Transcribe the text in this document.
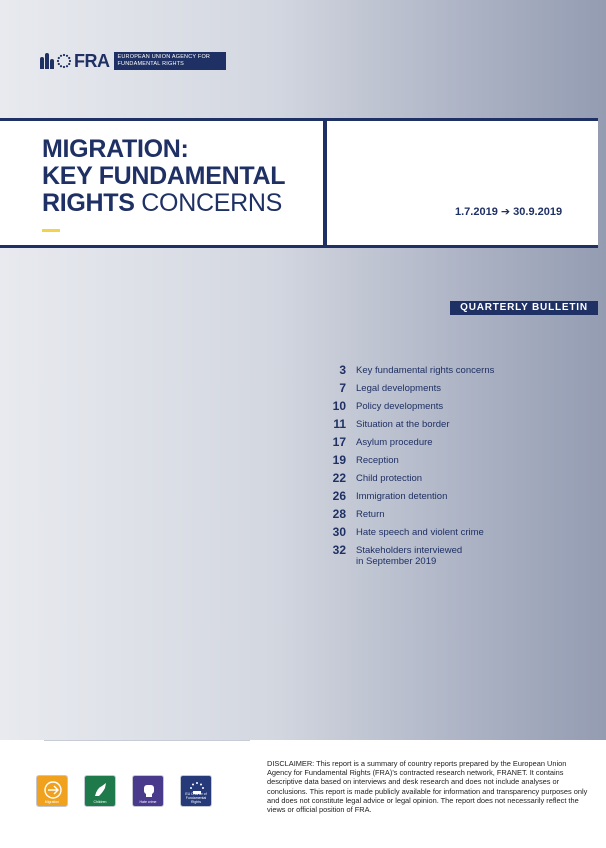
FRA	EUROPEAN UNION AGENCY FOR FUNDAMENTAL RIGHTS
MIGRATION:
KEY FUNDAMENTAL
RIGHTS CONCERNS	1.7.2019 ➔ 30.9.2019
QUARTERLY BULLETIN
3 Key fundamental rights concerns
7 Legal developments
10 Policy developments
11 Situation at the border
17 Asylum procedure
19 Reception
22 Child protection
26 Immigration detention
28 Return
30 Hate speech and violent crime
32 Stakeholders interviewed
in September 2019
Migration	Children	Hate crime
EU Charter of Fundamental Rights
DISCLAIMER: This report is a summary of country reports prepared by the European Union Agency for Fundamental Rights (FRA)’s contracted research network, FRANET. It contains descriptive data based on interviews and desk research and does not include analyses or conclusions. This report is made publicly available for information and transparency purposes only and does not constitute legal advice or legal opinion. The report does not necessarily reflect the views or official position of FRA.
